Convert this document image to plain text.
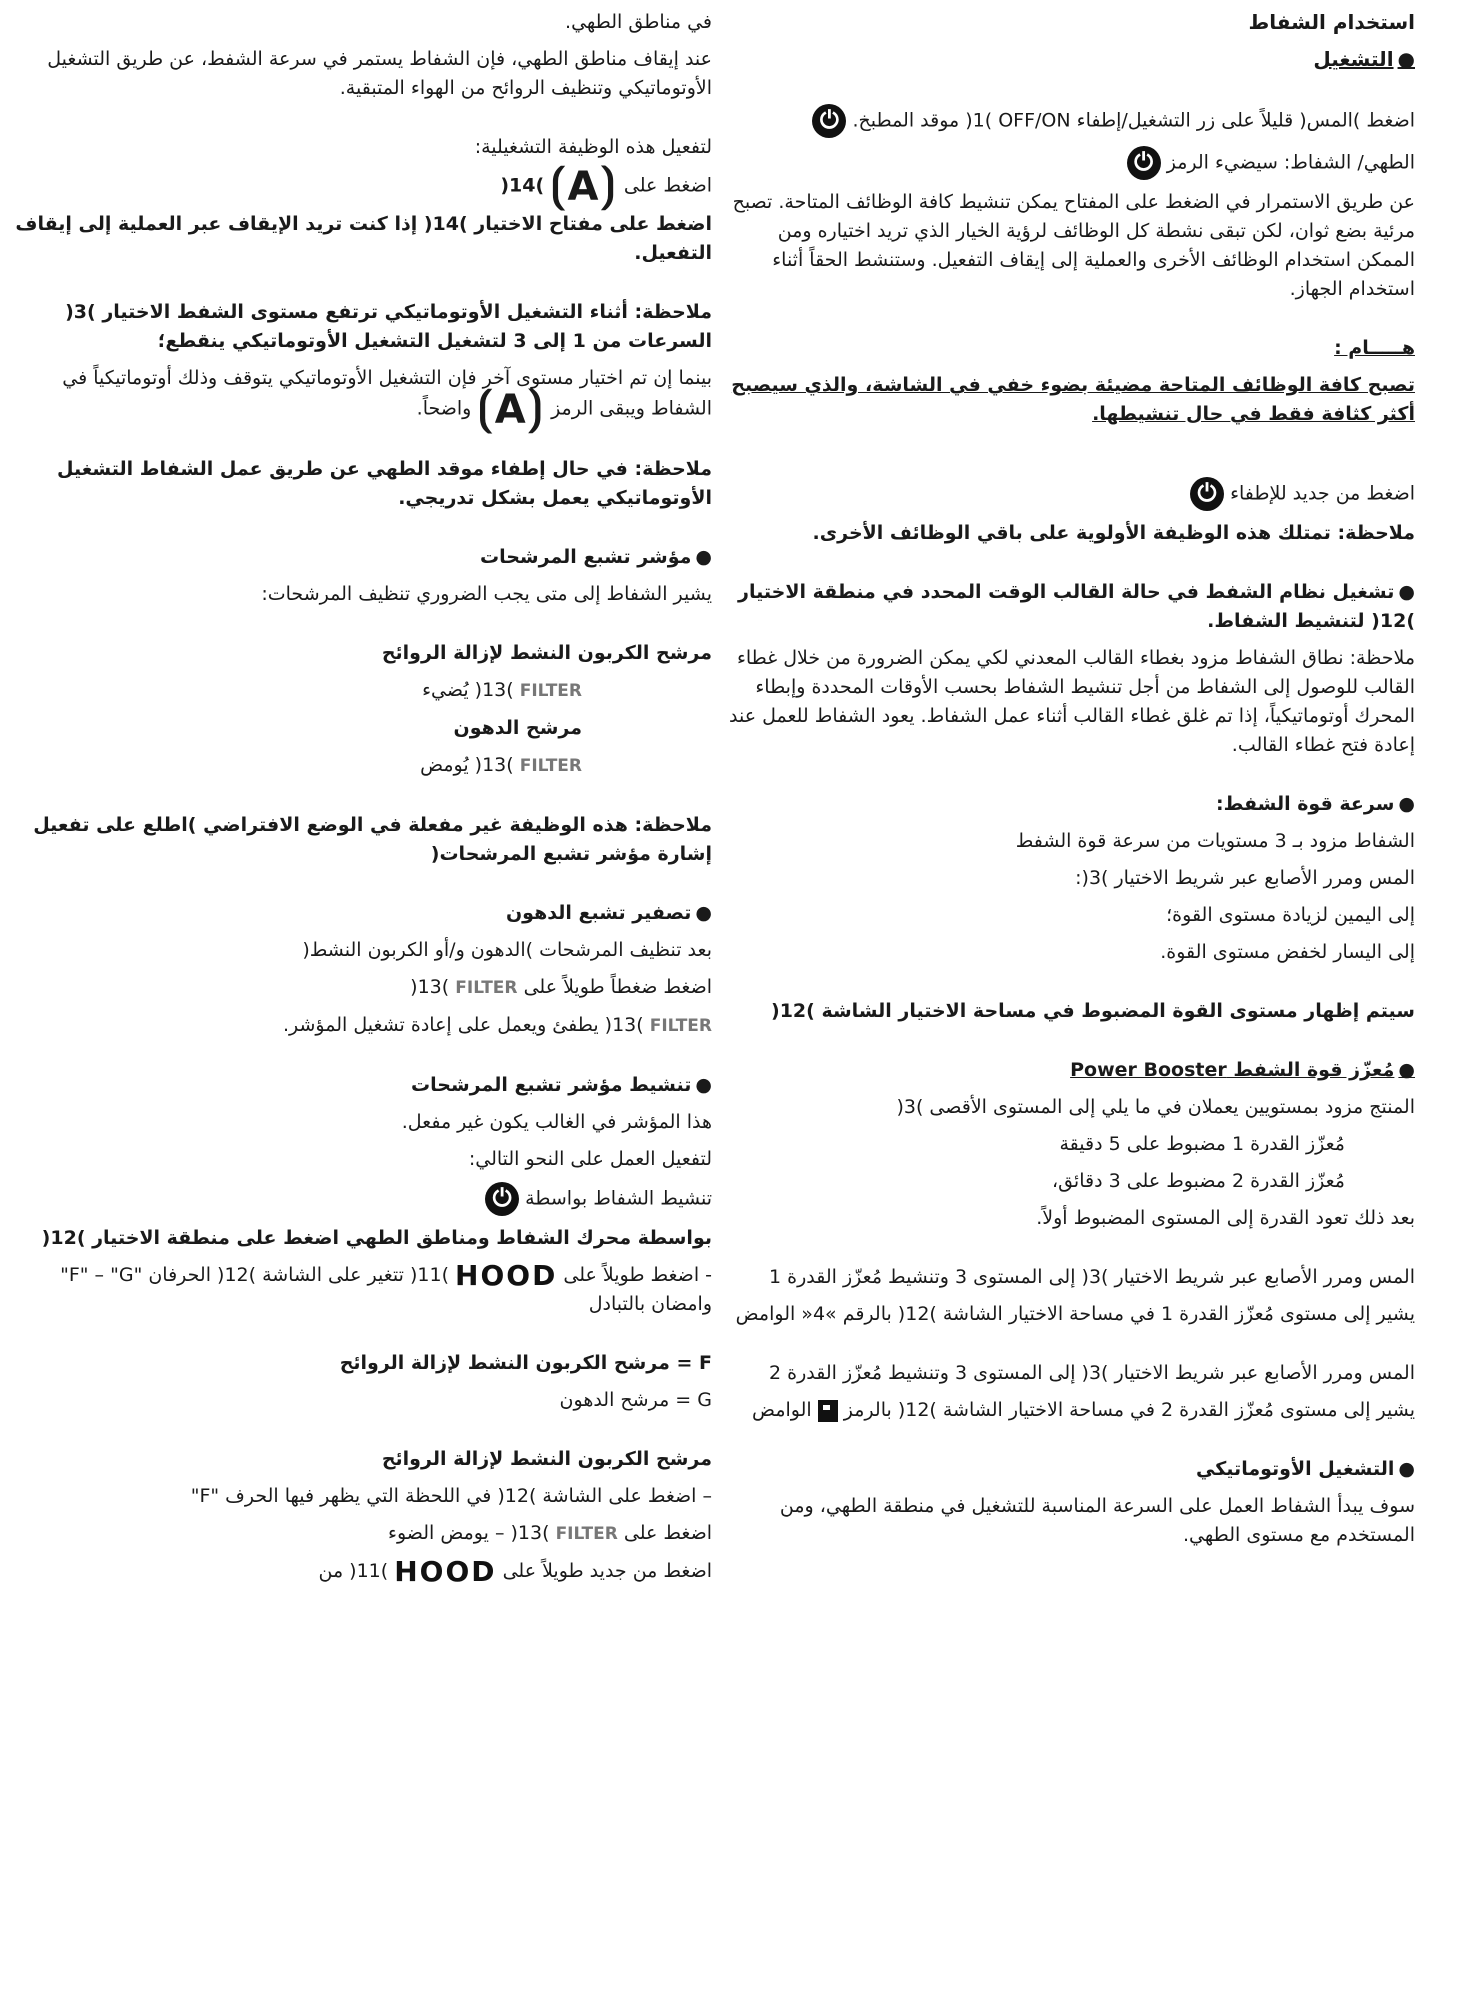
استخدام الشفاط

● التشغيل

اضغط )المس( قليلاً على زر التشغيل/إطفاء OFF/ON )1( موقد المطبخ. ⏻

الطهي/ الشفاط: سيضيء الرمز ⏻

عن طريق الاستمرار في الضغط على المفتاح يمكن تنشيط كافة الوظائف المتاحة. تصبح مرئية بضع ثوان، لكن تبقى نشطة كل الوظائف لرؤية الخيار الذي تريد اختياره ومن الممكن استخدام الوظائف الأخرى والعملية إلى إيقاف التفعيل. وستنشط الحقاً أثناء استخدام الجهاز.

هـــــام :

تصبح كافة الوظائف المتاحة مضيئة بضوء خفي في الشاشة، والذي سيصبح أكثر كثافة فقط في حال تنشيطها.

اضغط من جديد للإطفاء ⏻

ملاحظة: تمتلك هذه الوظيفة الأولوية على باقي الوظائف الأخرى.

● تشغيل نظام الشفط في حالة القالب الوقت المحدد في منطقة الاختيار )12( لتنشيط الشفاط.

ملاحظة: نطاق الشفاط مزود بغطاء القالب المعدني لكي يمكن الضرورة من خلال غطاء القالب للوصول إلى الشفاط من أجل تنشيط الشفاط بحسب الأوقات المحددة وإبطاء المحرك أوتوماتيكياً، إذا تم غلق غطاء القالب أثناء عمل الشفاط. يعود الشفاط للعمل عند إعادة فتح غطاء القالب.

● سرعة قوة الشفط:

الشفاط مزود بـ 3 مستويات من سرعة قوة الشفط

المس ومرر الأصابع عبر شريط الاختيار )3(:

إلى اليمين لزيادة مستوى القوة؛

إلى اليسار لخفض مستوى القوة.

سيتم إظهار مستوى القوة المضبوط في مساحة الاختيار الشاشة )12(

● مُعزّز قوة الشفط Power Booster

المنتج مزود بمستويين يعملان في ما يلي إلى المستوى الأقصى )3(

مُعزّز القدرة 1 مضبوط على 5 دقيقة

مُعزّز القدرة 2 مضبوط على 3 دقائق،

بعد ذلك تعود القدرة إلى المستوى المضبوط أولاً.

المس ومرر الأصابع عبر شريط الاختيار )3( إلى المستوى 3 وتنشيط مُعزّز القدرة 1

يشير إلى مستوى مُعزّز القدرة 1 في مساحة الاختيار الشاشة )12( بالرقم »4« الوامض

المس ومرر الأصابع عبر شريط الاختيار )3( إلى المستوى 3 وتنشيط مُعزّز القدرة 2

يشير إلى مستوى مُعزّز القدرة 2 في مساحة الاختيار الشاشة )12( بالرمز  الوامض

● التشغيل الأوتوماتيكي

سوف يبدأ الشفاط العمل على السرعة المناسبة للتشغيل في منطقة الطهي، ومن المستخدم مع مستوى الطهي.

في مناطق الطهي.

عند إيقاف مناطق الطهي، فإن الشفاط يستمر في سرعة الشفط، عن طريق التشغيل الأوتوماتيكي وتنظيف الروائح من الهواء المتبقية.

لتفعيل هذه الوظيفة التشغيلية:

اضغط على ⟮ A ⟯ )14(

اضغط على مفتاح الاختيار )14( إذا كنت تريد الإيقاف عبر العملية إلى إيقاف التفعيل.

ملاحظة: أثناء التشغيل الأوتوماتيكي ترتفع مستوى الشفط الاختيار )3( السرعات من 1 إلى 3 لتشغيل التشغيل الأوتوماتيكي ينقطع؛

بينما إن تم اختيار مستوى آخر فإن التشغيل الأوتوماتيكي يتوقف وذلك أوتوماتيكياً في الشفاط ويبقى الرمز ⟮ A ⟯ واضحاً.

ملاحظة: في حال إطفاء موقد الطهي عن طريق عمل الشفاط التشغيل الأوتوماتيكي يعمل بشكل تدريجي.

● مؤشر تشبع المرشحات

يشير الشفاط إلى متى يجب الضروري تنظيف المرشحات:

مرشح الكربون النشط لإزالة الروائح

FILTER )13( يُضيء

مرشح الدهون

FILTER )13( يُومض

ملاحظة: هذه الوظيفة غير مفعلة في الوضع الافتراضي )اطلع على تفعيل إشارة مؤشر تشبع المرشحات(

● تصفير تشبع الدهون

بعد تنظيف المرشحات )الدهون و/أو الكربون النشط(

اضغط ضغطاً طويلاً على FILTER )13(

FILTER )13( يطفئ ويعمل على إعادة تشغيل المؤشر.

● تنشيط مؤشر تشبع المرشحات

هذا المؤشر في الغالب يكون غير مفعل.

لتفعيل العمل على النحو التالي:

تنشيط الشفاط بواسطة ⏻

بواسطة محرك الشفاط ومناطق الطهي اضغط على منطقة الاختيار )12(

- اضغط طويلاً على HOOD )11( تتغير على الشاشة )12( الحرفان "F" – "G" وامضان بالتبادل

F = مرشح الكربون النشط لإزالة الروائح

G = مرشح الدهون

مرشح الكربون النشط لإزالة الروائح

– اضغط على الشاشة )12( في اللحظة التي يظهر فيها الحرف "F"

اضغط على FILTER )13( – يومض الضوء

اضغط من جديد طويلاً على HOOD )11( من
